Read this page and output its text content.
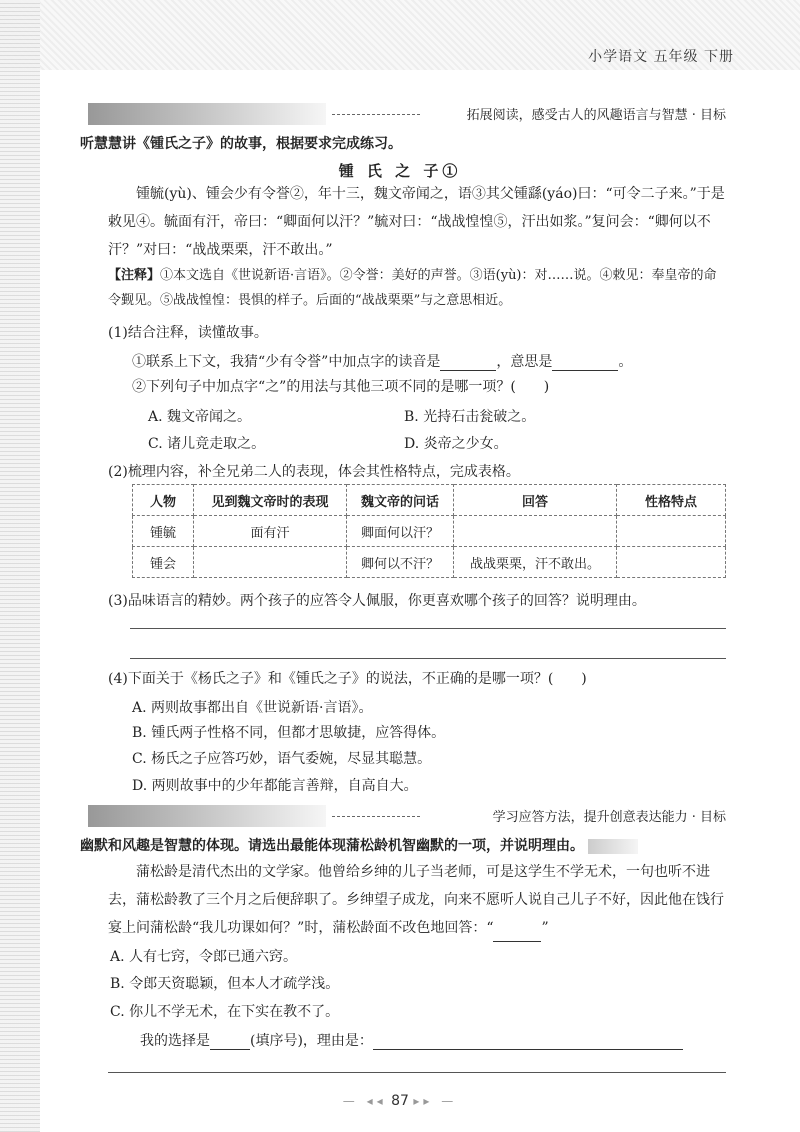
小学语文 五年级 下册
拓展阅读，感受古人的风趣语言与智慧 · 目标
听慧慧讲《锺氏之子》的故事，根据要求完成练习。
锺 氏 之 子①
锺毓(yù)、锺会少有令誉②，年十三，魏文帝闻之，语③其父锺繇(yáo)曰：“可令二子来。”于是敕见④。毓面有汗，帝曰：“卿面何以汗？”毓对曰：“战战惶惶⑤，汗出如浆。”复问会：“卿何以不汗？”对曰：“战战栗栗，汗不敢出。”
【注释】①本文选自《世说新语·言语》。②令誉：美好的声誉。③语(yù)：对……说。④敕见：奉皇帝的命令觐见。⑤战战惶惶：畏惧的样子。后面的“战战栗栗”与之意思相近。
(1)结合注释，读懂故事。
①联系上下文，我猜“少有令誉”中加点字的读音是	，意思是	。
②下列句子中加点字“之”的用法与其他三项不同的是哪一项？(　　)
A. 魏文帝闻之。	B. 光持石击瓮破之。
C. 诸儿竞走取之。	D. 炎帝之少女。
(2)梳理内容，补全兄弟二人的表现，体会其性格特点，完成表格。
人物	见到魏文帝时的表现	魏文帝的问话	回答	性格特点
锺毓	面有汗	卿面何以汗？		
锺会		卿何以不汗？	战战栗栗，汗不敢出。	
(3)品味语言的精妙。两个孩子的应答令人佩服，你更喜欢哪个孩子的回答？说明理由。
(4)下面关于《杨氏之子》和《锺氏之子》的说法，不正确的是哪一项？(　　)
A. 两则故事都出自《世说新语·言语》。
B. 锺氏两子性格不同，但都才思敏捷，应答得体。
C. 杨氏之子应答巧妙，语气委婉，尽显其聪慧。
D. 两则故事中的少年都能言善辩，自高自大。
学习应答方法，提升创意表达能力 · 目标
幽默和风趣是智慧的体现。请选出最能体现蒲松龄机智幽默的一项，并说明理由。
蒲松龄是清代杰出的文学家。他曾给乡绅的儿子当老师，可是这学生不学无术，一句也听不进去，蒲松龄教了三个月之后便辞职了。乡绅望子成龙，向来不愿听人说自己儿子不好，因此他在饯行宴上问蒲松龄“我儿功课如何？”时，蒲松龄面不改色地回答：“	”
A. 人有七窍，令郎已通六窍。
B. 令郎天资聪颖，但本人才疏学浅。
C. 你儿不学无术，在下实在教不了。
我的选择是	(填序号)，理由是：
— ◂◂ 87 ▸▸ —
